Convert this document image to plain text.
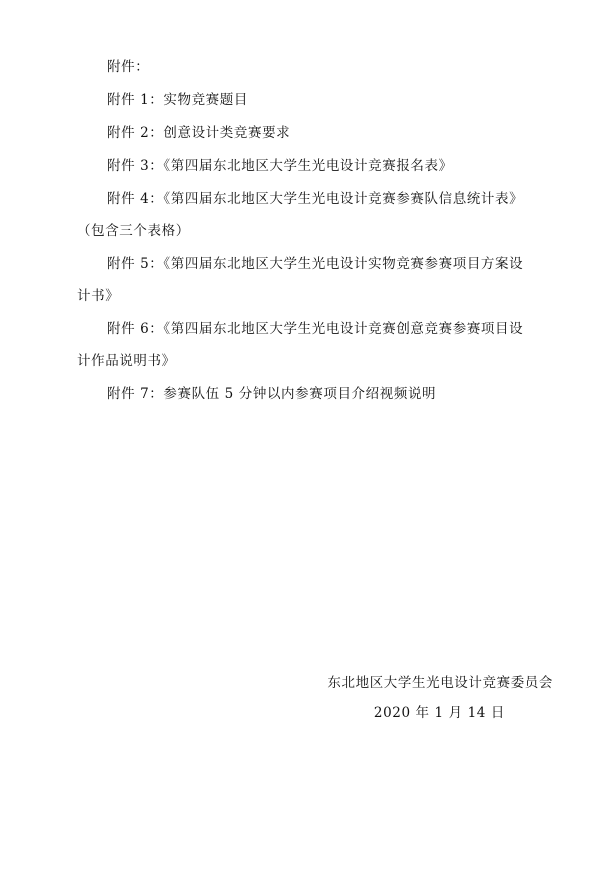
附件：
附件 1：实物竞赛题目
附件 2：创意设计类竞赛要求
附件 3：《第四届东北地区大学生光电设计竞赛报名表》
附件 4：《第四届东北地区大学生光电设计竞赛参赛队信息统计表》
（包含三个表格）
附件 5：《第四届东北地区大学生光电设计实物竞赛参赛项目方案设
计书》
附件 6：《第四届东北地区大学生光电设计竞赛创意竞赛参赛项目设
计作品说明书》
附件 7：参赛队伍 5 分钟以内参赛项目介绍视频说明
东北地区大学生光电设计竞赛委员会
2020 年 1 月 14 日
